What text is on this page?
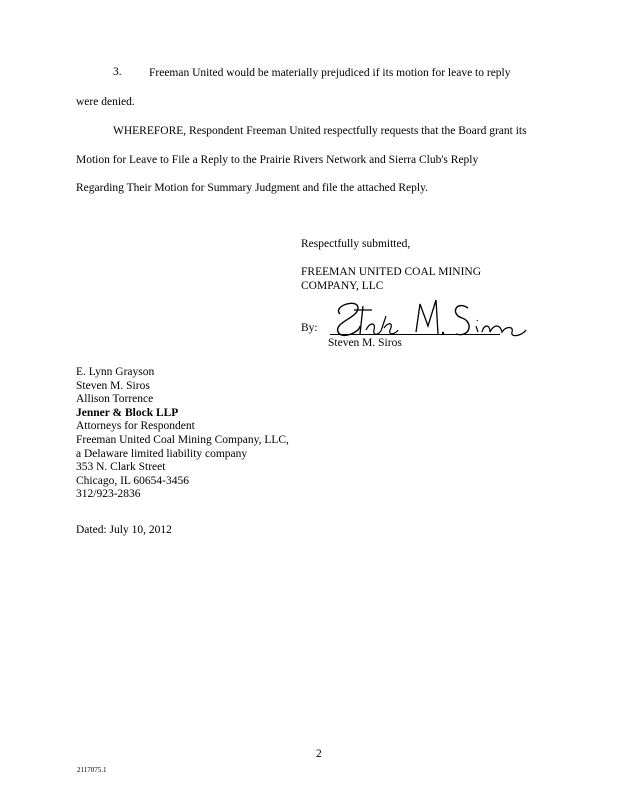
3. Freeman United would be materially prejudiced if its motion for leave to reply
were denied.
WHEREFORE, Respondent Freeman United respectfully requests that the Board grant its
Motion for Leave to File a Reply to the Prairie Rivers Network and Sierra Club's Reply
Regarding Their Motion for Summary Judgment and file the attached Reply.
Respectfully submitted,
FREEMAN UNITED COAL MINING
COMPANY, LLC
By:
Steven M. Siros
E. Lynn Grayson
Steven M. Siros
Allison Torrence
Jenner & Block LLP
Attorneys for Respondent
Freeman United Coal Mining Company, LLC,
a Delaware limited liability company
353 N. Clark Street
Chicago, IL 60654-3456
312/923-2836
Dated: July 10, 2012
2
2117075.1
